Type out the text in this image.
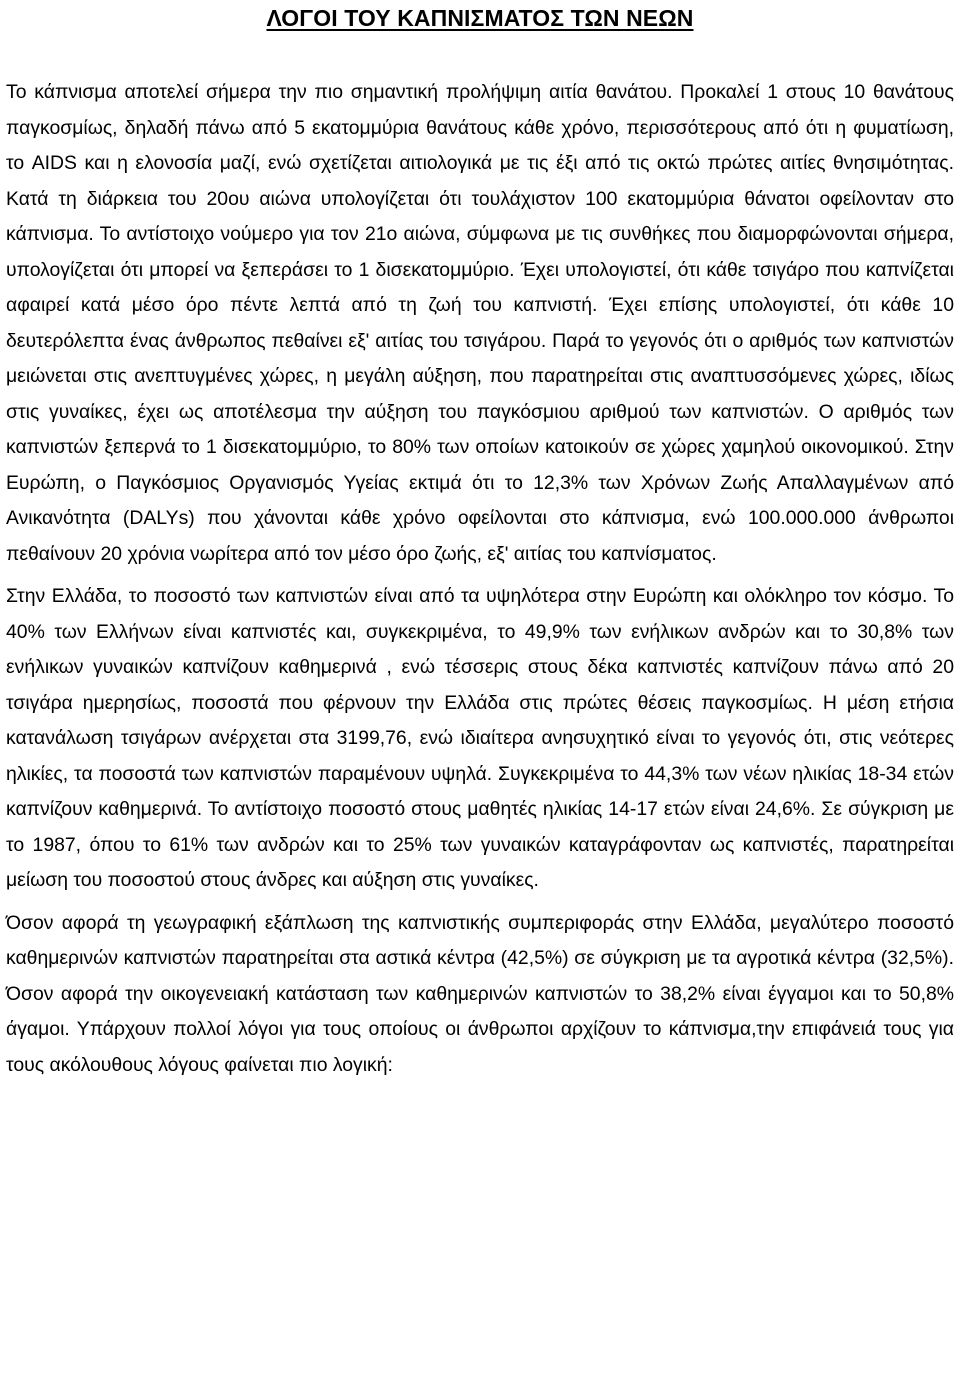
ΛΟΓΟΙ ΤΟΥ ΚΑΠΝΙΣΜΑΤΟΣ ΤΩΝ ΝΕΩΝ

Το κάπνισμα αποτελεί σήμερα την πιο σημαντική προλήψιμη αιτία θανάτου. Προκαλεί 1 στους 10 θανάτους παγκοσμίως, δηλαδή πάνω από 5 εκατομμύρια θανάτους κάθε χρόνο, περισσότερους από ότι η φυματίωση, το AIDS και η ελονοσία μαζί, ενώ σχετίζεται αιτιολογικά με τις έξι από τις οκτώ πρώτες αιτίες θνησιμότητας. Κατά τη διάρκεια του 20ου αιώνα υπολογίζεται ότι τουλάχιστον 100 εκατομμύρια θάνατοι οφείλονταν στο κάπνισμα. Το αντίστοιχο νούμερο για τον 21ο αιώνα, σύμφωνα με τις συνθήκες που διαμορφώνονται σήμερα, υπολογίζεται ότι μπορεί να ξεπεράσει το 1 δισεκατομμύριο. Έχει υπολογιστεί, ότι κάθε τσιγάρο που καπνίζεται αφαιρεί κατά μέσο όρο πέντε λεπτά από τη ζωή του καπνιστή. Έχει επίσης υπολογιστεί, ότι κάθε 10 δευτερόλεπτα ένας άνθρωπος πεθαίνει εξ' αιτίας του τσιγάρου. Παρά το γεγονός ότι ο αριθμός των καπνιστών μειώνεται στις ανεπτυγμένες χώρες, η μεγάλη αύξηση, που παρατηρείται στις αναπτυσσόμενες χώρες, ιδίως στις γυναίκες, έχει ως αποτέλεσμα την αύξηση του παγκόσμιου αριθμού των καπνιστών. Ο αριθμός των καπνιστών ξεπερνά το 1 δισεκατομμύριο, το 80% των οποίων κατοικούν σε χώρες χαμηλού οικονομικού. Στην Ευρώπη, ο Παγκόσμιος Οργανισμός Υγείας εκτιμά ότι το 12,3% των Χρόνων Ζωής Απαλλαγμένων από Ανικανότητα (DALYs) που χάνονται κάθε χρόνο οφείλονται στο κάπνισμα, ενώ 100.000.000 άνθρωποι πεθαίνουν 20 χρόνια νωρίτερα από τον μέσο όρο ζωής, εξ' αιτίας του καπνίσματος.

Στην Ελλάδα, το ποσοστό των καπνιστών είναι από τα υψηλότερα στην Ευρώπη και ολόκληρο τον κόσμο. Το 40% των Ελλήνων είναι καπνιστές και, συγκεκριμένα, το 49,9% των ενήλικων ανδρών και το 30,8% των ενήλικων γυναικών καπνίζουν καθημερινά , ενώ τέσσερις στους δέκα καπνιστές καπνίζουν πάνω από 20 τσιγάρα ημερησίως, ποσοστά που φέρνουν την Ελλάδα στις πρώτες θέσεις παγκοσμίως. Η μέση ετήσια κατανάλωση τσιγάρων ανέρχεται στα 3199,76, ενώ ιδιαίτερα ανησυχητικό είναι το γεγονός ότι, στις νεότερες ηλικίες, τα ποσοστά των καπνιστών παραμένουν υψηλά. Συγκεκριμένα το 44,3% των νέων ηλικίας 18-34 ετών καπνίζουν καθημερινά. Το αντίστοιχο ποσοστό στους μαθητές ηλικίας 14-17 ετών είναι 24,6%. Σε σύγκριση με το 1987, όπου το 61% των ανδρών και το 25% των γυναικών καταγράφονταν ως καπνιστές, παρατηρείται μείωση του ποσοστού στους άνδρες και αύξηση στις γυναίκες.

Όσον αφορά τη γεωγραφική εξάπλωση της καπνιστικής συμπεριφοράς στην Ελλάδα, μεγαλύτερο ποσοστό καθημερινών καπνιστών παρατηρείται στα αστικά κέντρα (42,5%) σε σύγκριση με τα αγροτικά κέντρα (32,5%). Όσον αφορά την οικογενειακή κατάσταση των καθημερινών καπνιστών το 38,2% είναι έγγαμοι και το 50,8% άγαμοι. Υπάρχουν πολλοί λόγοι για τους οποίους οι άνθρωποι αρχίζουν το κάπνισμα,την επιφάνειά τους για τους ακόλουθους λόγους φαίνεται πιο λογική:
